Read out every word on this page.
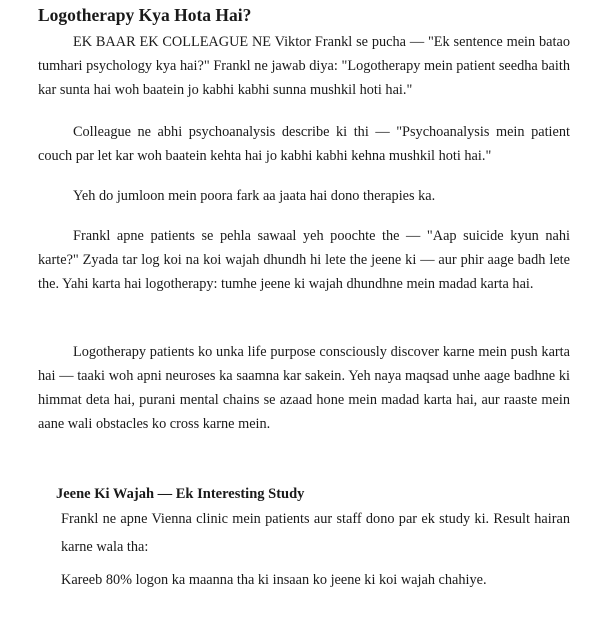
Logotherapy Kya Hota Hai?

EK BAAR EK COLLEAGUE NE Viktor Frankl se pucha — "Ek sentence mein batao tumhari psychology kya hai?" Frankl ne jawab diya: "Logotherapy mein patient seedha baith kar sunta hai woh baatein jo kabhi kabhi sunna mushkil hoti hai."

Colleague ne abhi psychoanalysis describe ki thi — "Psychoanalysis mein patient couch par let kar woh baatein kehta hai jo kabhi kabhi kehna mushkil hoti hai."

Yeh do jumloon mein poora fark aa jaata hai dono therapies ka.

Frankl apne patients se pehla sawaal yeh poochte the — "Aap suicide kyun nahi karte?" Zyada tar log koi na koi wajah dhundh hi lete the jeene ki — aur phir aage badh lete the. Yahi karta hai logotherapy: tumhe jeene ki wajah dhundhne mein madad karta hai.

Logotherapy patients ko unka life purpose consciously discover karne mein push karta hai — taaki woh apni neuroses ka saamna kar sakein. Yeh naya maqsad unhe aage badhne ki himmat deta hai, purani mental chains se azaad hone mein madad karta hai, aur raaste mein aane wali obstacles ko cross karne mein.

Jeene Ki Wajah — Ek Interesting Study

Frankl ne apne Vienna clinic mein patients aur staff dono par ek study ki. Result hairan karne wala tha:

Kareeb 80% logon ka maanna tha ki insaan ko jeene ki koi wajah chahiye.
